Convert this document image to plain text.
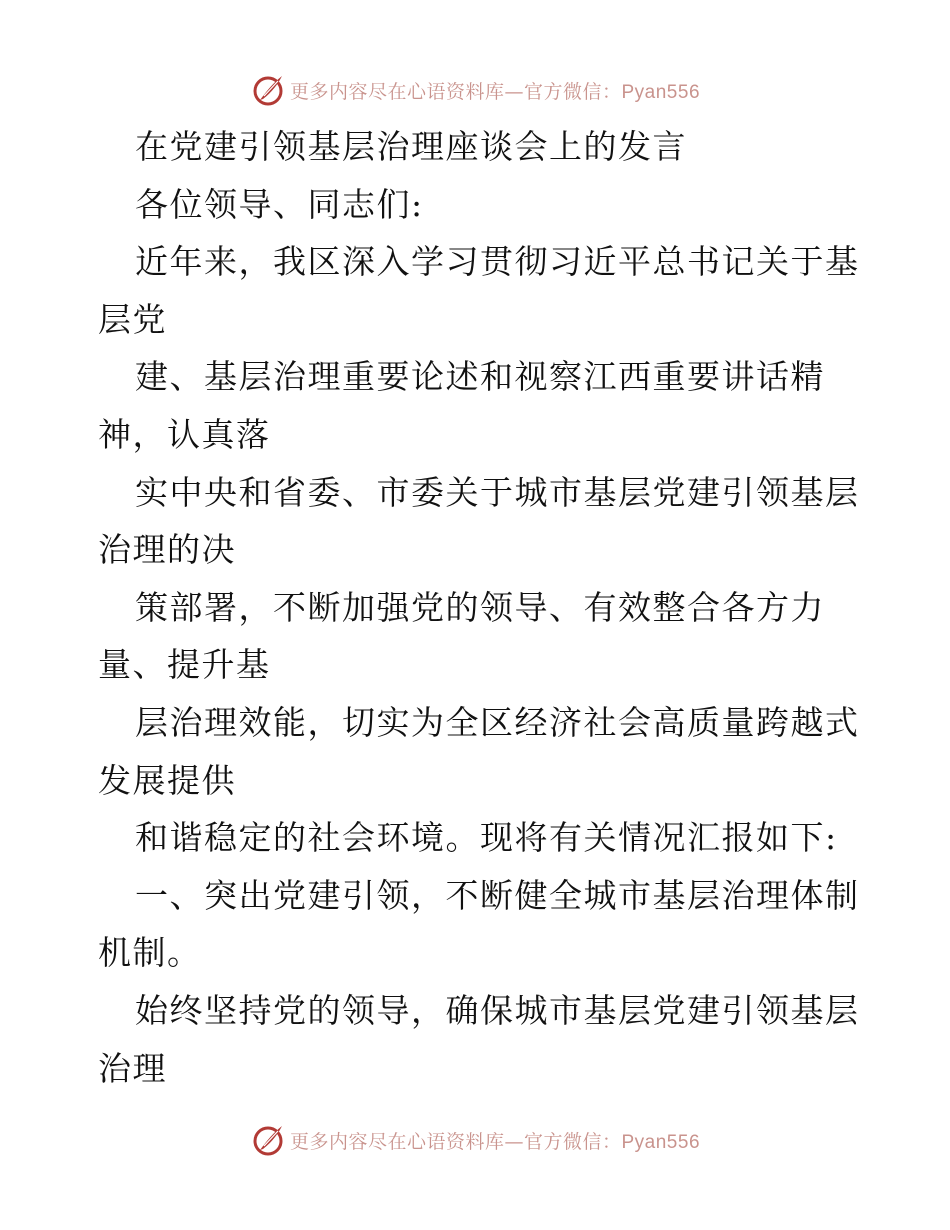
更多内容尽在心语资料库—官方微信：Pyan556
在党建引领基层治理座谈会上的发言
各位领导、同志们:
近年来，我区深入学习贯彻习近平总书记关于基
层党
建、基层治理重要论述和视察江西重要讲话精
神，认真落
实中央和省委、市委关于城市基层党建引领基层
治理的决
策部署，不断加强党的领导、有效整合各方力
量、提升基
层治理效能，切实为全区经济社会高质量跨越式
发展提供
和谐稳定的社会环境。现将有关情况汇报如下:
一、突出党建引领，不断健全城市基层治理体制
机制。
始终坚持党的领导，确保城市基层党建引领基层
治理
更多内容尽在心语资料库—官方微信：Pyan556
